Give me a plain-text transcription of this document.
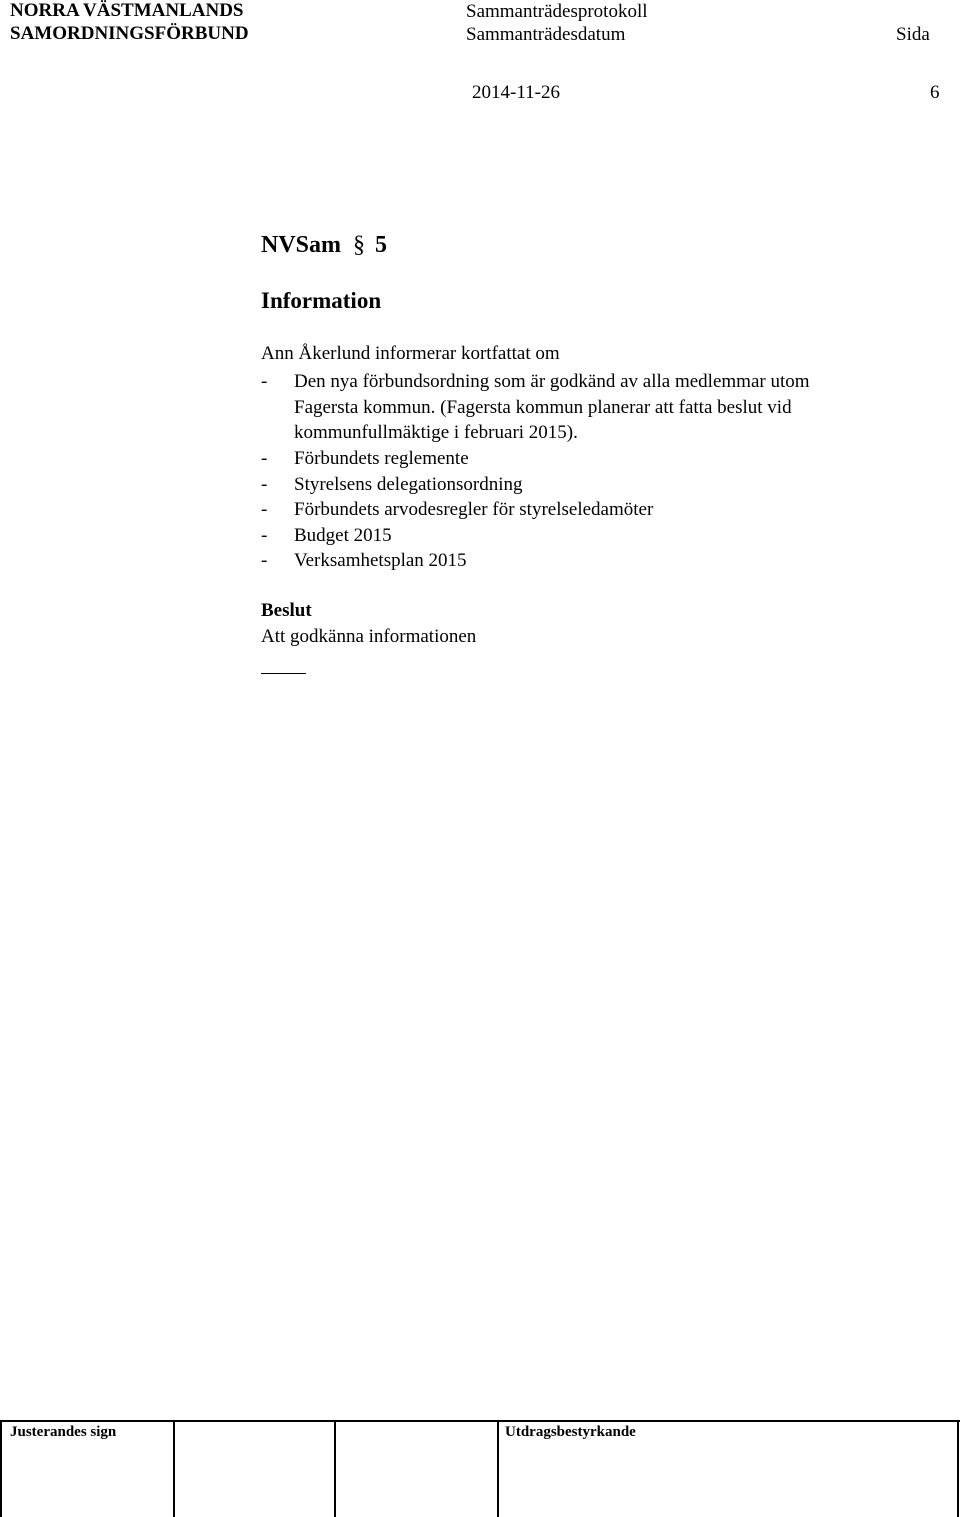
NORRA VÄSTMANLANDS
SAMORDNINGSFÖRBUND
Sammanträdesprotokoll
Sammanträdesdatum	Sida
2014-11-26	6
NVSam § 5
Information
Ann Åkerlund informerar kortfattat om
- Den nya förbundsordning som är godkänd av alla medlemmar utom
Fagersta kommun. (Fagersta kommun planerar att fatta beslut vid
kommunfullmäktige i februari 2015).
- Förbundets reglemente
- Styrelsens delegationsordning
- Förbundets arvodesregler för styrelseledamöter
- Budget 2015
- Verksamhetsplan 2015
Beslut
Att godkänna informationen
Justerandes sign	Utdragsbestyrkande
